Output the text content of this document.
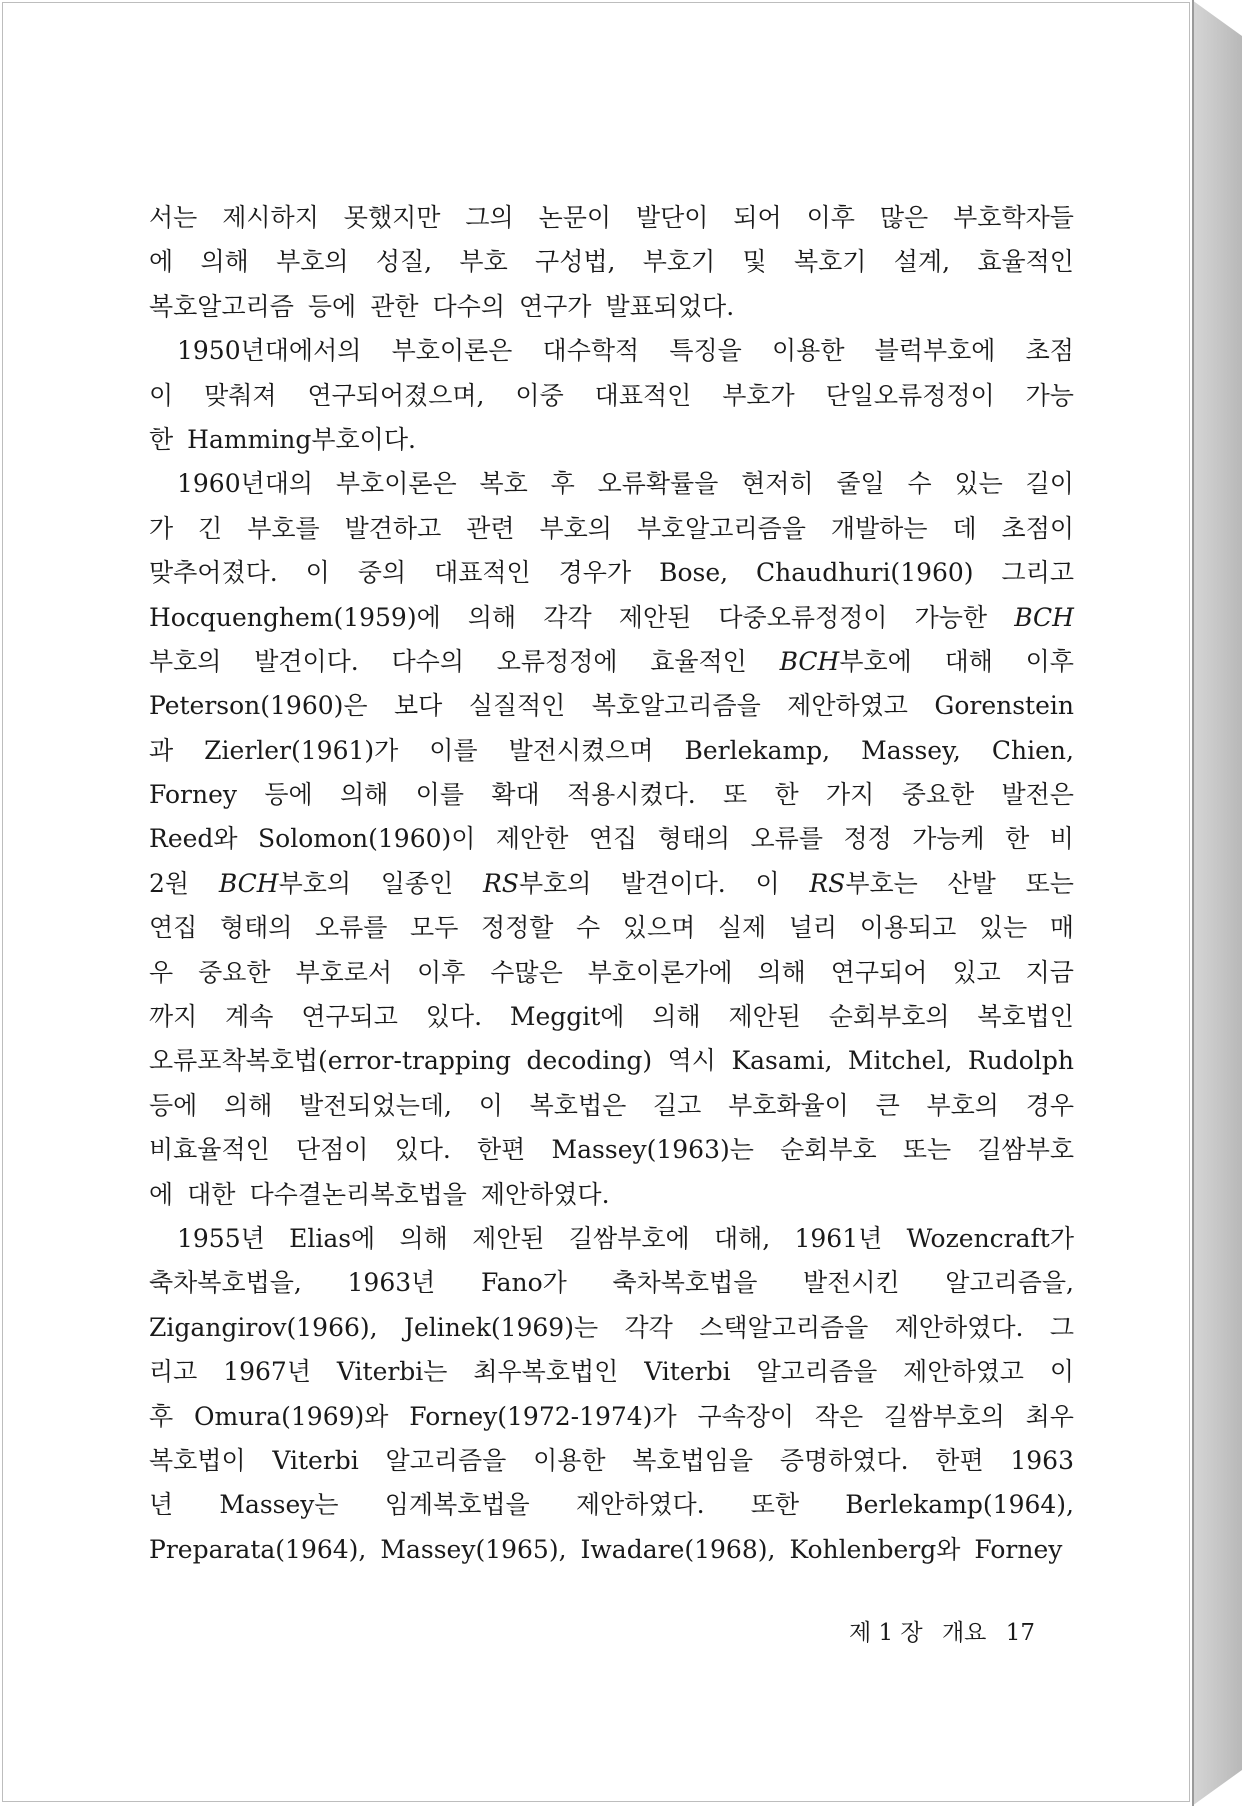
서는 제시하지 못했지만 그의 논문이 발단이 되어 이후 많은 부호학자들
에 의해 부호의 성질, 부호 구성법, 부호기 및 복호기 설계, 효율적인
복호알고리즘 등에 관한 다수의 연구가 발표되었다.
1950년대에서의 부호이론은 대수학적 특징을 이용한 블럭부호에 초점
이 맞춰져 연구되어졌으며, 이중 대표적인 부호가 단일오류정정이 가능
한 Hamming부호이다.
1960년대의 부호이론은 복호 후 오류확률을 현저히 줄일 수 있는 길이
가 긴 부호를 발견하고 관련 부호의 부호알고리즘을 개발하는 데 초점이
맞추어졌다. 이 중의 대표적인 경우가 Bose, Chaudhuri(1960) 그리고
Hocquenghem(1959)에 의해 각각 제안된 다중오류정정이 가능한 BCH
부호의 발견이다. 다수의 오류정정에 효율적인 BCH부호에 대해 이후
Peterson(1960)은 보다 실질적인 복호알고리즘을 제안하였고 Gorenstein
과 Zierler(1961)가 이를 발전시켰으며 Berlekamp, Massey, Chien,
Forney 등에 의해 이를 확대 적용시켰다. 또 한 가지 중요한 발전은
Reed와 Solomon(1960)이 제안한 연집 형태의 오류를 정정 가능케 한 비
2원 BCH부호의 일종인 RS부호의 발견이다. 이 RS부호는 산발 또는
연집 형태의 오류를 모두 정정할 수 있으며 실제 널리 이용되고 있는 매
우 중요한 부호로서 이후 수많은 부호이론가에 의해 연구되어 있고 지금
까지 계속 연구되고 있다. Meggit에 의해 제안된 순회부호의 복호법인
오류포착복호법(error-trapping decoding) 역시 Kasami, Mitchel, Rudolph
등에 의해 발전되었는데, 이 복호법은 길고 부호화율이 큰 부호의 경우
비효율적인 단점이 있다. 한편 Massey(1963)는 순회부호 또는 길쌈부호
에 대한 다수결논리복호법을 제안하였다.
1955년 Elias에 의해 제안된 길쌈부호에 대해, 1961년 Wozencraft가
축차복호법을, 1963년 Fano가 축차복호법을 발전시킨 알고리즘을,
Zigangirov(1966), Jelinek(1969)는 각각 스택알고리즘을 제안하였다. 그
리고 1967년 Viterbi는 최우복호법인 Viterbi 알고리즘을 제안하였고 이
후 Omura(1969)와 Forney(1972-1974)가 구속장이 작은 길쌈부호의 최우
복호법이 Viterbi 알고리즘을 이용한 복호법임을 증명하였다. 한편 1963
년 Massey는 임계복호법을 제안하였다. 또한 Berlekamp(1964),
Preparata(1964), Massey(1965), Iwadare(1968), Kohlenberg와 Forney
제 1 장 개요 17
